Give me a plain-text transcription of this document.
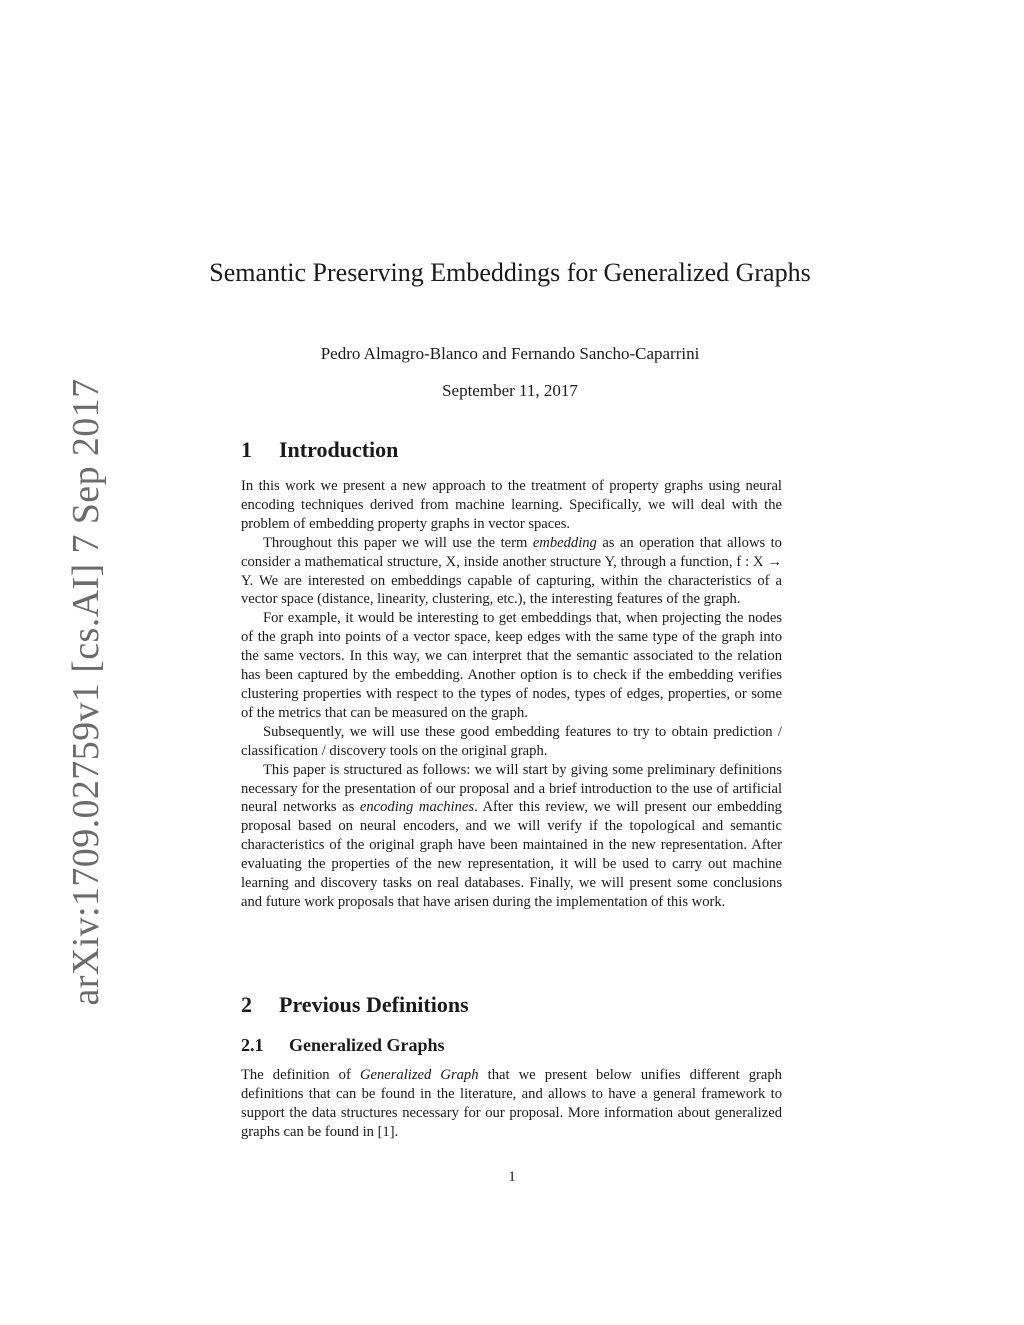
arXiv:1709.02759v1 [cs.AI] 7 Sep 2017
Semantic Preserving Embeddings for Generalized Graphs
Pedro Almagro-Blanco and Fernando Sancho-Caparrini
September 11, 2017
1 Introduction

In this work we present a new approach to the treatment of property graphs using neural encoding techniques derived from machine learning. Specifically, we will deal with the problem of embedding property graphs in vector spaces.

Throughout this paper we will use the term embedding as an operation that allows to consider a mathematical structure, X, inside another structure Y, through a function, f : X → Y. We are interested on embeddings capable of capturing, within the characteristics of a vector space (distance, linearity, clustering, etc.), the interesting features of the graph.

For example, it would be interesting to get embeddings that, when projecting the nodes of the graph into points of a vector space, keep edges with the same type of the graph into the same vectors. In this way, we can interpret that the semantic associated to the relation has been captured by the embedding. Another option is to check if the embedding verifies clustering properties with respect to the types of nodes, types of edges, properties, or some of the metrics that can be measured on the graph.

Subsequently, we will use these good embedding features to try to obtain prediction / classification / discovery tools on the original graph.

This paper is structured as follows: we will start by giving some preliminary definitions necessary for the presentation of our proposal and a brief introduction to the use of artificial neural networks as encoding machines. After this review, we will present our embedding proposal based on neural encoders, and we will verify if the topological and semantic characteristics of the original graph have been maintained in the new representation. After evaluating the properties of the new representation, it will be used to carry out machine learning and discovery tasks on real databases. Finally, we will present some conclusions and future work proposals that have arisen during the implementation of this work.

2 Previous Definitions
2.1 Generalized Graphs

The definition of Generalized Graph that we present below unifies different graph definitions that can be found in the literature, and allows to have a general framework to support the data structures necessary for our proposal. More information about generalized graphs can be found in [1].

1
